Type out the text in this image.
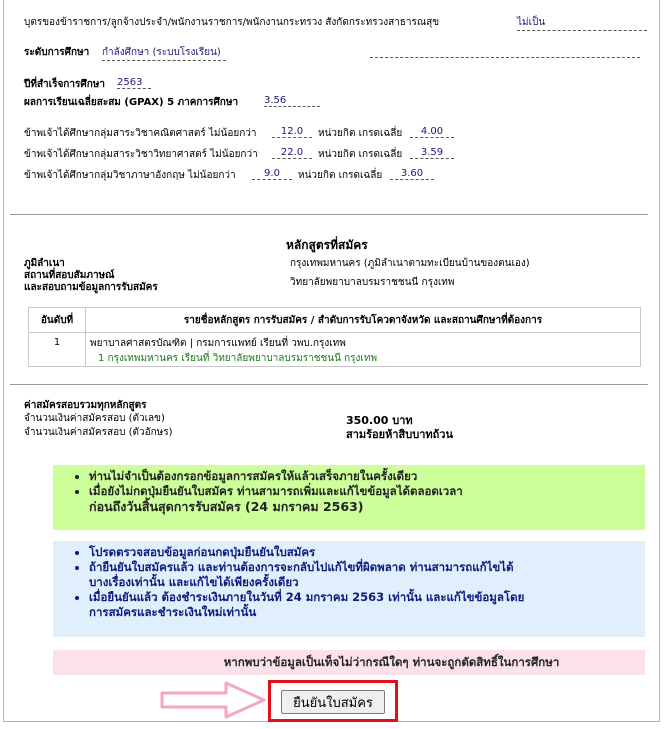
บุตรของข้าราชการ/ลูกจ้างประจำ/พนักงานราชการ/พนักงานกระทรวง สังกัดกระทรวงสาธารณสุข	ไม่เป็น
ระดับการศึกษา กำลังศึกษา (ระบบโรงเรียน)
ปีที่สำเร็จการศึกษา 2563
ผลการเรียนเฉลี่ยสะสม (GPAX) 5 ภาคการศึกษา	3.56
ข้าพเจ้าได้ศึกษากลุ่มสาระวิชาคณิตศาสตร์ ไม่น้อยกว่า	12.0	หน่วยกิต เกรดเฉลี่ย	4.00
ข้าพเจ้าได้ศึกษากลุ่มสาระวิชาวิทยาศาสตร์ ไม่น้อยกว่า	22.0	หน่วยกิต เกรดเฉลี่ย	3.59
ข้าพเจ้าได้ศึกษากลุ่มวิชาภาษาอังกฤษ ไม่น้อยกว่า	9.0	หน่วยกิต เกรดเฉลี่ย	3.60
หลักสูตรที่สมัคร
ภูมิลำเนา	กรุงเทพมหานคร (ภูมิลำเนาตามทะเบียนบ้านของตนเอง)
สถานที่สอบสัมภาษณ์
และสอบถามข้อมูลการรับสมัคร	วิทยาลัยพยาบาลบรมราชชนนี กรุงเทพ
อันดับที่	รายชื่อหลักสูตร การรับสมัคร / สำดับการรับโควตาจังหวัด และสถานศึกษาที่ต้องการ
1	พยาบาลศาสตรบัณฑิต | กรมการแพทย์ เรียนที่ วพบ.กรุงเทพ
1 กรุงเทพมหานคร เรียนที่ วิทยาลัยพยาบาลบรมราชชนนี กรุงเทพ
ค่าสมัครสอบรวมทุกหลักสูตร
จำนวนเงินค่าสมัครสอบ (ตัวเลข)	350.00 บาท
จำนวนเงินค่าสมัครสอบ (ตัวอักษร)	สามร้อยห้าสิบบาทถ้วน
• ท่านไม่จำเป็นต้องกรอกข้อมูลการสมัครให้แล้วเสร็จภายในครั้งเดียว
• เมื่อยังไม่กดปุ่มยืนยันใบสมัคร ท่านสามารถเพิ่มและแก้ไขข้อมูลได้ตลอดเวลา
ก่อนถึงวันสิ้นสุดการรับสมัคร (24 มกราคม 2563)
• โปรดตรวจสอบข้อมูลก่อนกดปุ่มยืนยันใบสมัคร
• ถ้ายืนยันใบสมัครแล้ว และท่านต้องการจะกลับไปแก้ไขที่ผิดพลาด ท่านสามารถแก้ไขได้
บางเรื่องเท่านั้น และแก้ไขได้เพียงครั้งเดียว
• เมื่อยืนยันแล้ว ต้องชำระเงินภายในวันที่ 24 มกราคม 2563 เท่านั้น และแก้ไขข้อมูลโดย
การสมัครและชำระเงินใหม่เท่านั้น
หากพบว่าข้อมูลเป็นเท็จไม่ว่ากรณีใดๆ ท่านจะถูกตัดสิทธิ์ในการศึกษา
ยืนยันใบสมัคร
